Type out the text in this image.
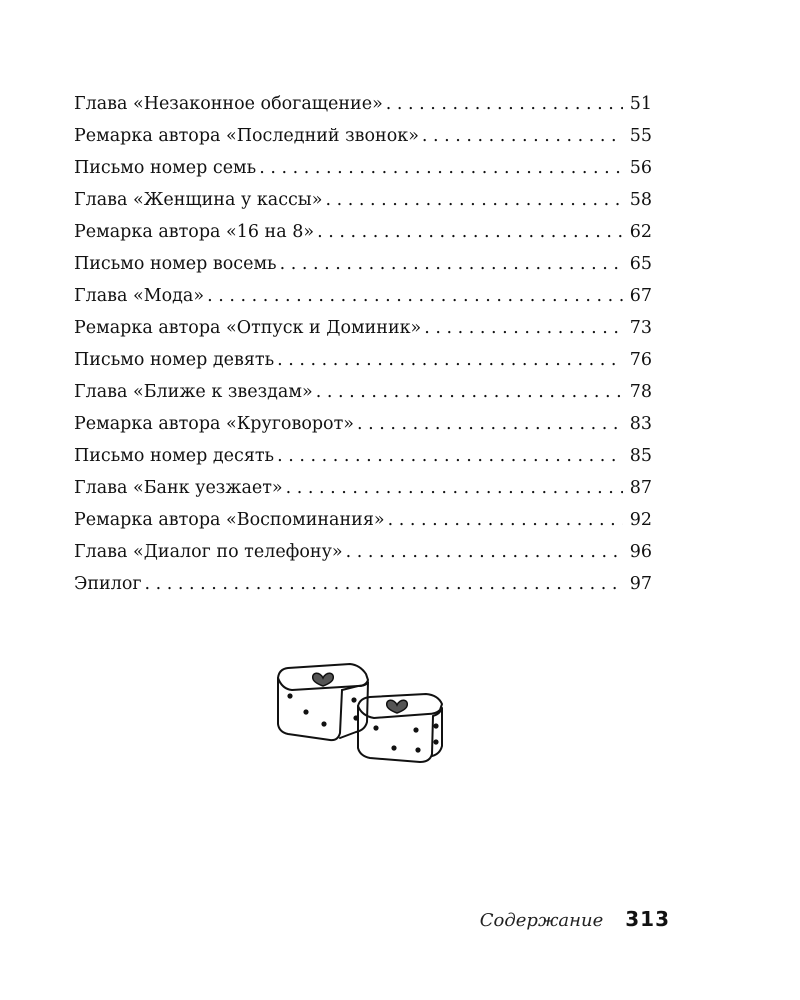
Глава «Незаконное обогащение» . . .	51
Ремарка автора «Последний звонок» . . .	55
Письмо номер семь . . .	56
Глава «Женщина у кассы» . . .	58
Ремарка автора «16 на 8» . . .	62
Письмо номер восемь . . .	65
Глава «Мода» . . .	67
Ремарка автора «Отпуск и Доминик» . . .	73
Письмо номер девять . . .	76
Глава «Ближе к звездам» . . .	78
Ремарка автора «Круговорот» . . .	83
Письмо номер десять . . .	85
Глава «Банк уезжает» . . .	87
Ремарка автора «Воспоминания» . . .	92
Глава «Диалог по телефону» . . .	96
Эпилог . . .	97
Содержание 313
